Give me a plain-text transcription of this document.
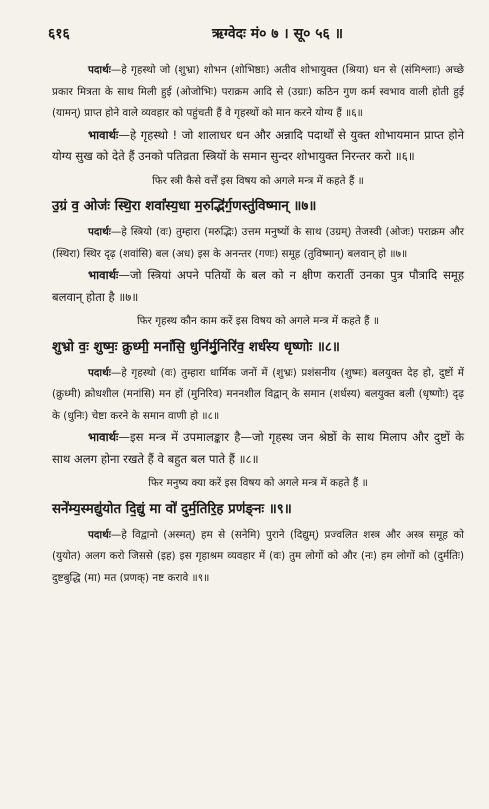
६१६	ऋग्वेदः मं० ७ । सू० ५६ ॥

पदार्थः—हे गृहस्थो जो (शुभ्रा) शोभन (शोभिष्ठाः) अतीव शोभायुक्त (श्रिया) धन से (संमिश्लाः) अच्छे प्रकार मित्रता के साथ मिली हुई (ओजोभिः) पराक्रम आदि से (उग्राः) कठिन गुण कर्म स्वभाव वाली होती हुई (यामन्) प्राप्त होने वाले व्यवहार को पहुंचती हैं वे गृहस्थों को मान करने योग्य हैं ॥६॥

भावार्थः—हे गृहस्थो ! जो शालाधर धन और अन्नादि पदार्थों से युक्त शोभायमान प्राप्त होने योग्य सुख को देते हैं उनको पतिव्रता स्त्रियों के समान सुन्दर शोभायुक्त निरन्तर करो ॥६॥

फिर स्त्री कैसे वर्त्तें इस विषय को अगले मन्त्र में कहते हैं ॥
उ॒ग्रं व॒ ओजः॑ स्थि॒रा शवां॑स्य॒धा म॒रुद्भि॑र्ग॒णस्तु॑विष्मान् ॥७॥

पदार्थः—हे स्त्रियो (वः) तुम्हारा (मरुद्भिः) उत्तम मनुष्यों के साथ (उग्रम्) तेजस्वी (ओजः) पराक्रम और (स्थिरा) स्थिर दृढ़ (शवांसि) बल (अध) इस के अनन्तर (गणः) समूह (तुविष्मान्) बलवान् हो ॥७॥

भावार्थः—जो स्त्रियां अपने पतियों के बल को न क्षीण करातीं उनका पुत्र पौत्रादि समूह बलवान् होता है ॥७॥

फिर गृहस्थ कौन काम करें इस विषय को अगले मन्त्र में कहते हैं ॥
शुभ्रो वः॒ शुष्मः॒ क्रुध्मी॒ मनां॑सि॒ धुनि॑र्मु॒निरि॑व॒ शर्ध॑स्य धृष्णोः ॥८॥

पदार्थः—हे गृहस्थो (वः) तुम्हारा धार्मिक जनों में (शुभ्रः) प्रशंसनीय (शुष्मः) बलयुक्त देह हो, दुष्टों में (क्रुध्मी) क्रोधशील (मनांसि) मन हों (मुनिरिव) मननशील विद्वान् के समान (शर्धस्य) बलयुक्त बली (धृष्णोः) दृढ़ के (धुनिः) चेष्टा करने के समान वाणी हो ॥८॥

भावार्थः—इस मन्त्र में उपमालङ्कार है—जो गृहस्थ जन श्रेष्ठों के साथ मिलाप और दुष्टों के साथ अलग होना रखते हैं वे बहुत बल पाते हैं ॥८॥

फिर मनुष्य क्या करें इस विषय को अगले मन्त्र में कहते हैं ॥
सने॑म्य॒स्मद्यु॑योत दि॒द्युं मा वो॑ दुर्म॒तिरि॒ह प्रण॑ङ्नः ॥९॥

पदार्थः—हे विद्वानो (अस्मत्) हम से (सनेमि) पुराने (दिद्युम्) प्रज्वलित शस्त्र और अस्त्र समूह को (युयोत) अलग करो जिससे (इह) इस गृहाश्रम व्यवहार में (वः) तुम लोगों को और (नः) हम लोगों को (दुर्मतिः) दुष्टबुद्धि (मा) मत (प्रणक्) नष्ट करावे ॥९॥
